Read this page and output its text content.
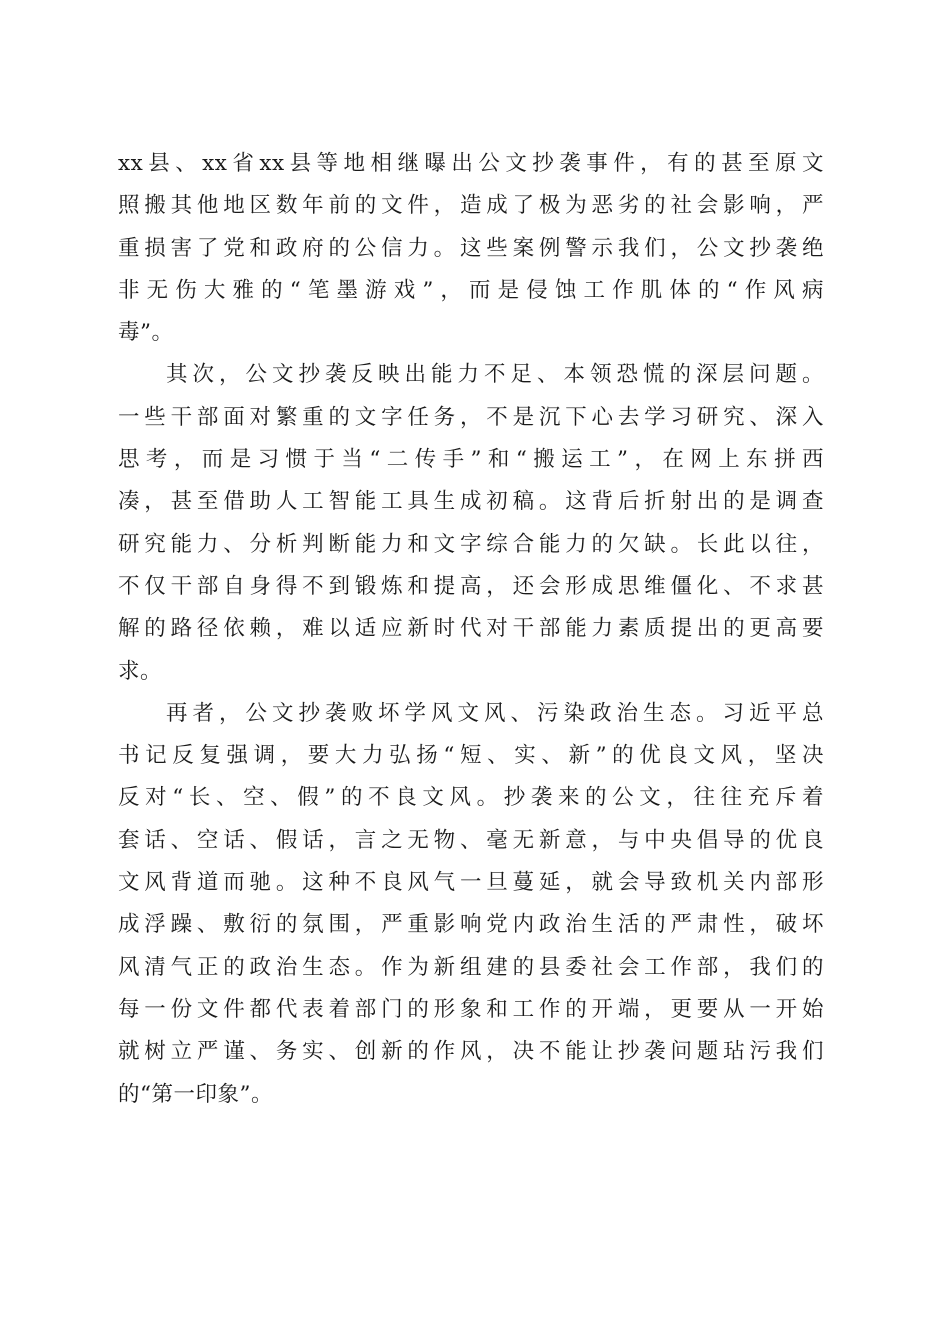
xx县、xx省xx县等地相继曝出公文抄袭事件，有的甚至原文
照搬其他地区数年前的文件，造成了极为恶劣的社会影响，严
重损害了党和政府的公信力。这些案例警示我们，公文抄袭绝
非无伤大雅的“笔墨游戏”，而是侵蚀工作肌体的“作风病
毒”。
其次，公文抄袭反映出能力不足、本领恐慌的深层问题。
一些干部面对繁重的文字任务，不是沉下心去学习研究、深入
思考，而是习惯于当“二传手”和“搬运工”，在网上东拼西
凑，甚至借助人工智能工具生成初稿。这背后折射出的是调查
研究能力、分析判断能力和文字综合能力的欠缺。长此以往，
不仅干部自身得不到锻炼和提高，还会形成思维僵化、不求甚
解的路径依赖，难以适应新时代对干部能力素质提出的更高要
求。
再者，公文抄袭败坏学风文风、污染政治生态。习近平总
书记反复强调，要大力弘扬“短、实、新”的优良文风，坚决
反对“长、空、假”的不良文风。抄袭来的公文，往往充斥着
套话、空话、假话，言之无物、毫无新意，与中央倡导的优良
文风背道而驰。这种不良风气一旦蔓延，就会导致机关内部形
成浮躁、敷衍的氛围，严重影响党内政治生活的严肃性，破坏
风清气正的政治生态。作为新组建的县委社会工作部，我们的
每一份文件都代表着部门的形象和工作的开端，更要从一开始
就树立严谨、务实、创新的作风，决不能让抄袭问题玷污我们
的“第一印象”。
